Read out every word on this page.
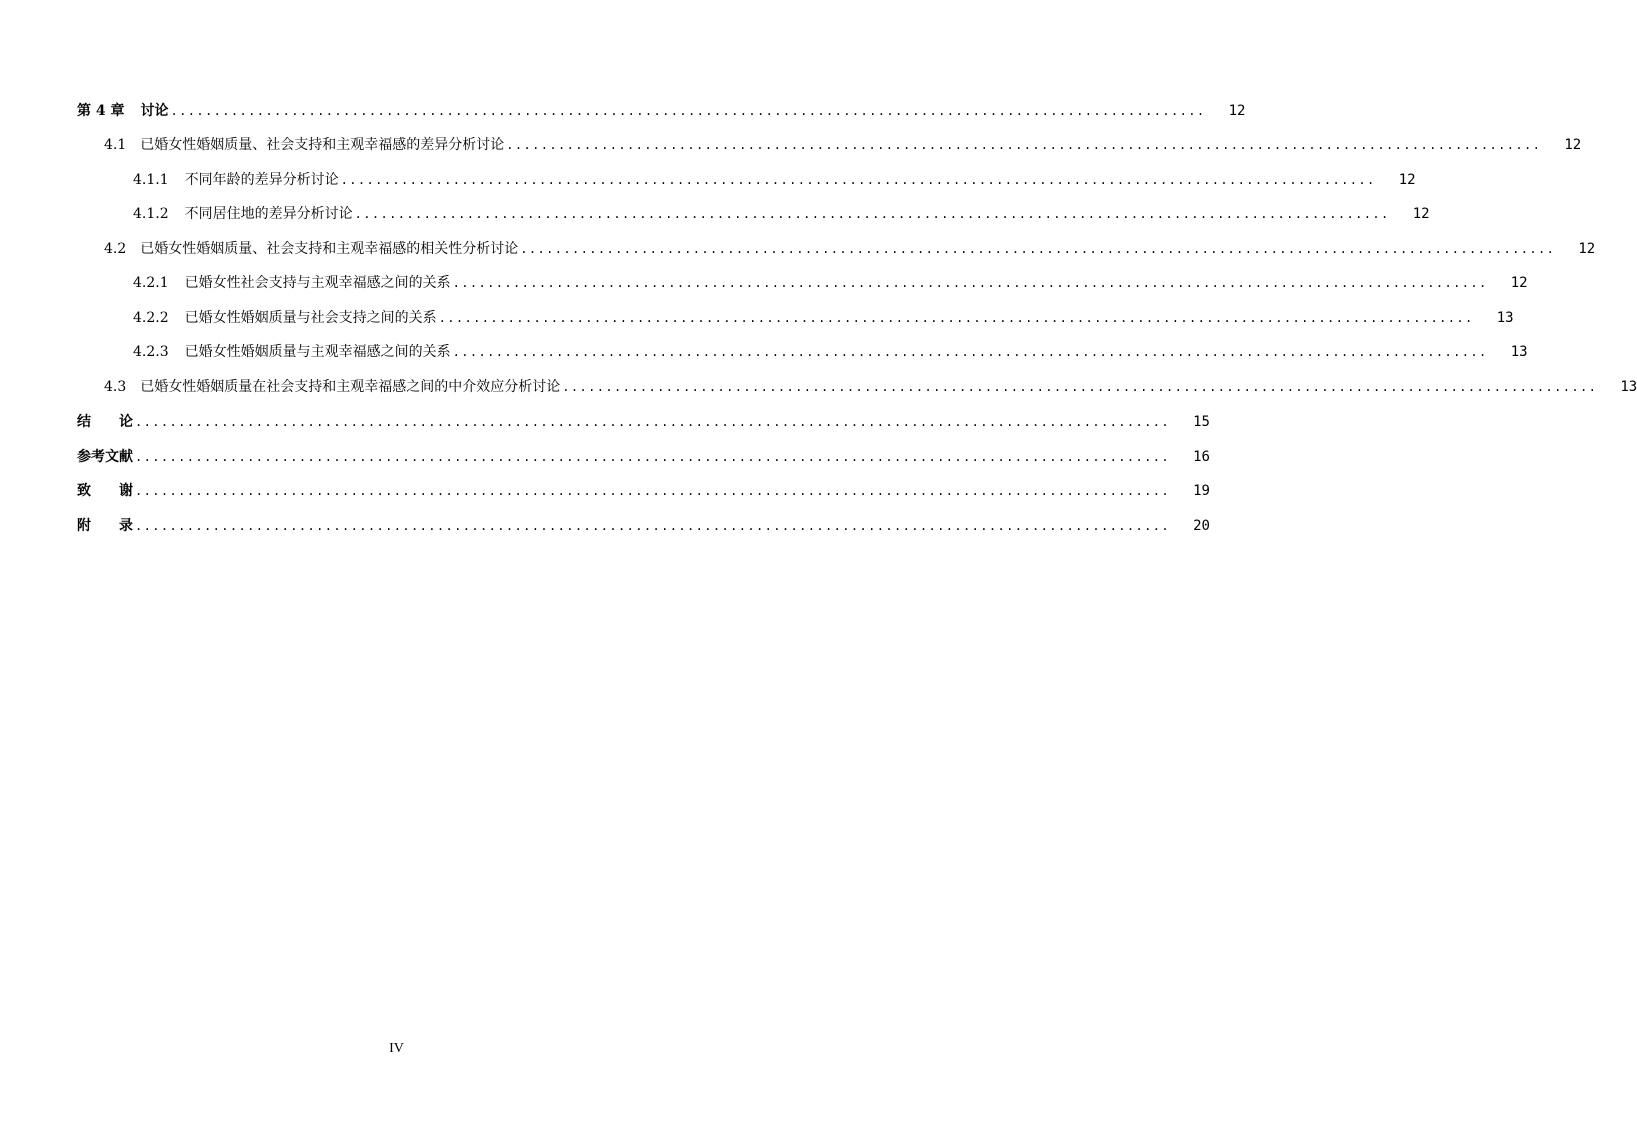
第 4 章 讨论 ........................................................................................................................	12
4.1 已婚女性婚姻质量、社会支持和主观幸福感的差异分析讨论 ........................................................................................................................	12
4.1.1 不同年龄的差异分析讨论 ........................................................................................................................	12
4.1.2 不同居住地的差异分析讨论 ........................................................................................................................	12
4.2 已婚女性婚姻质量、社会支持和主观幸福感的相关性分析讨论 ........................................................................................................................	12
4.2.1 已婚女性社会支持与主观幸福感之间的关系 ........................................................................................................................	12
4.2.2 已婚女性婚姻质量与社会支持之间的关系 ........................................................................................................................	13
4.2.3 已婚女性婚姻质量与主观幸福感之间的关系 ........................................................................................................................	13
4.3 已婚女性婚姻质量在社会支持和主观幸福感之间的中介效应分析讨论 ........................................................................................................................	13
结　　论 ........................................................................................................................	15
参考文献 ........................................................................................................................	16
致　　谢 ........................................................................................................................	19
附　　录 ........................................................................................................................	20
IV
